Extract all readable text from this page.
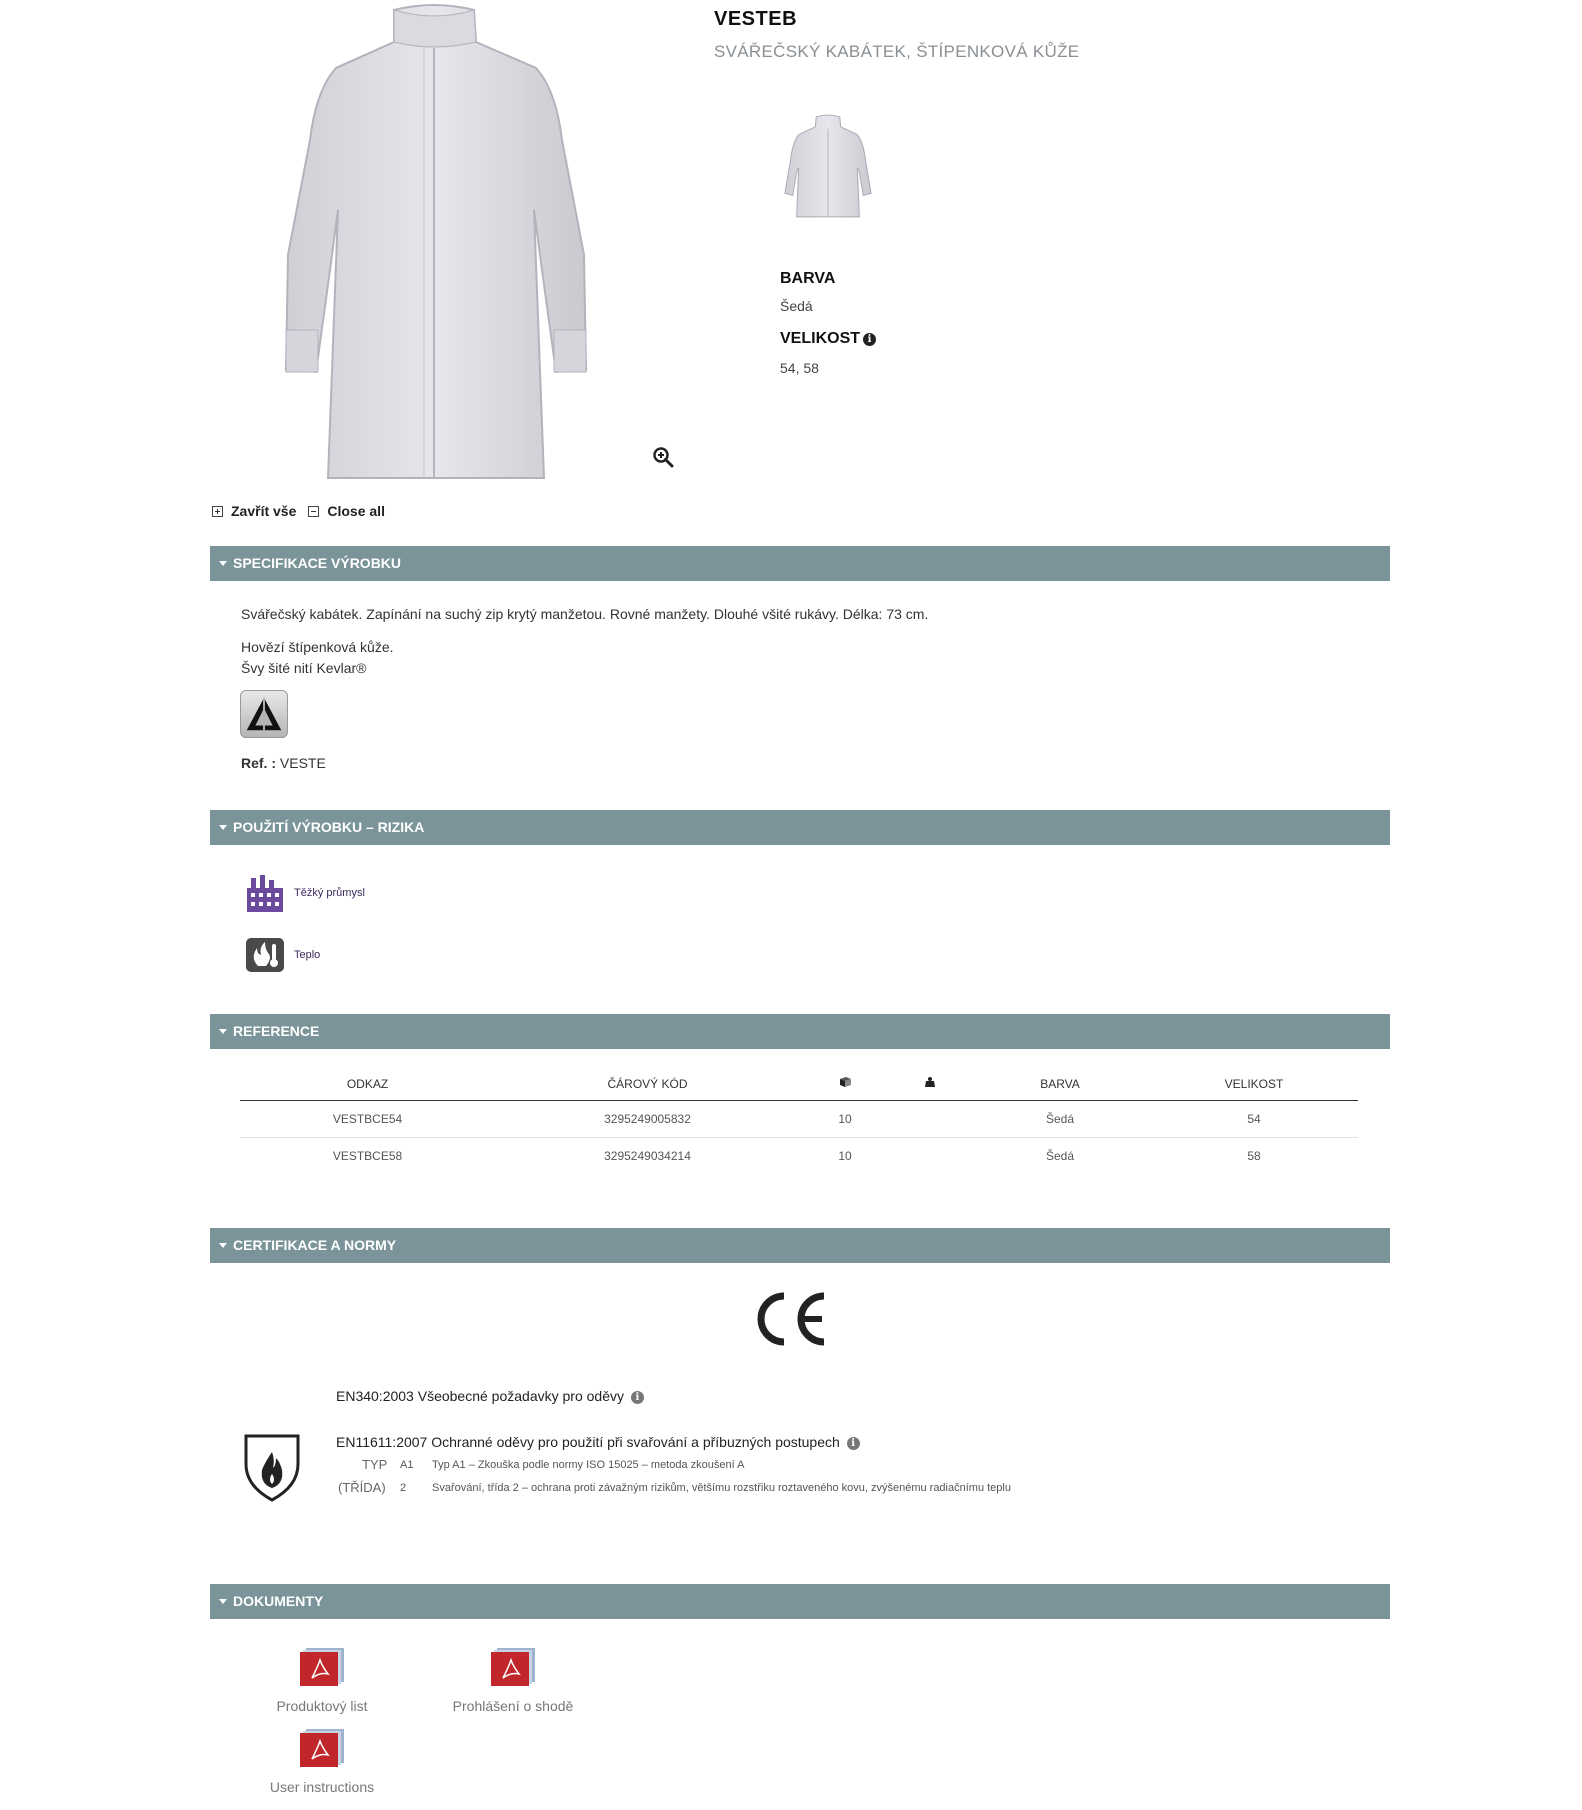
VESTEB
SVÁŘEČSKÝ KABÁTEK, ŠTÍPENKOVÁ KŮŽE
BARVA
Šedá
VELIKOST i
54, 58
Zavřít vše Close all
SPECIFIKACE VÝROBKU
Svářečský kabátek. Zapínání na suchý zip krytý manžetou. Rovné manžety. Dlouhé všité rukávy. Délka: 73 cm.
Hovězí štípenková kůže.
Švy šité nití Kevlar®
Ref. : VESTE
POUŽITÍ VÝROBKU – RIZIKA
Těžký průmysl
Teplo
REFERENCE
ODKAZ	ČÁROVÝ KÓD			BARVA	VELIKOST
VESTBCE54	3295249005832	10		Šedá	54
VESTBCE58	3295249034214	10		Šedá	58
CERTIFIKACE A NORMY
EN340:2003 Všeobecné požadavky pro oděvy i
EN11611:2007 Ochranné oděvy pro použití při svařování a příbuzných postupech i
TYP A1 Typ A1 – Zkouška podle normy ISO 15025 – metoda zkoušení A
(TŘÍDA) 2 Svařování, třída 2 – ochrana proti závažným rizikům, většímu rozstřiku roztaveného kovu, zvýšenému radiačnímu teplu
DOKUMENTY
Produktový list	Prohlášení o shodě
User instructions
